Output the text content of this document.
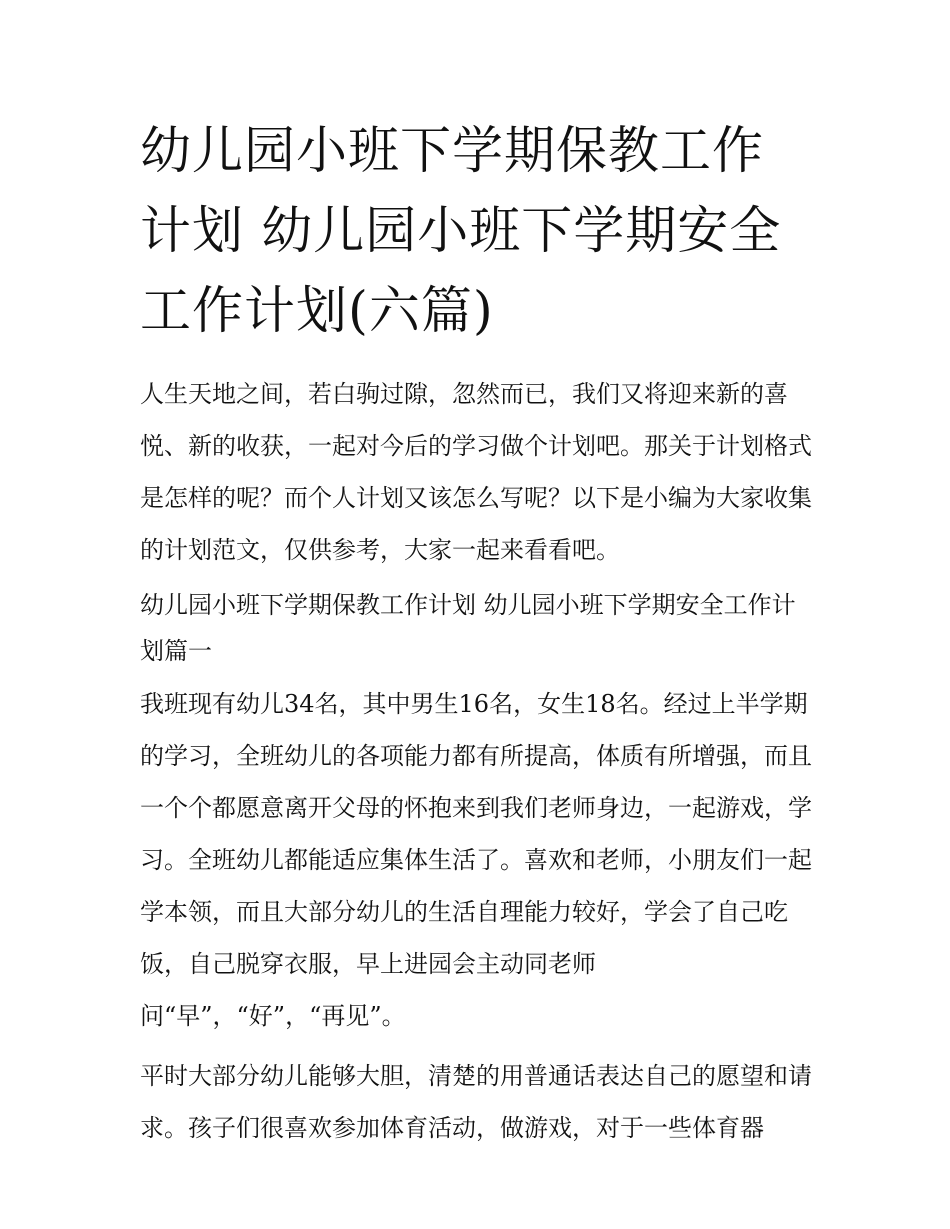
幼儿园小班下学期保教工作计划 幼儿园小班下学期安全工作计划(六篇)

人生天地之间，若白驹过隙，忽然而已，我们又将迎来新的喜悦、新的收获，一起对今后的学习做个计划吧。那关于计划格式是怎样的呢？而个人计划又该怎么写呢？以下是小编为大家收集的计划范文，仅供参考，大家一起来看看吧。

幼儿园小班下学期保教工作计划 幼儿园小班下学期安全工作计划篇一

我班现有幼儿34名，其中男生16名，女生18名。经过上半学期的学习，全班幼儿的各项能力都有所提高，体质有所增强，而且一个个都愿意离开父母的怀抱来到我们老师身边，一起游戏，学习。全班幼儿都能适应集体生活了。喜欢和老师，小朋友们一起学本领，而且大部分幼儿的生活自理能力较好，学会了自己吃饭，自己脱穿衣服，早上进园会主动同老师

问“早”，“好”，“再见”。

平时大部分幼儿能够大胆，清楚的用普通话表达自己的愿望和请求。孩子们很喜欢参加体育活动，做游戏，对于一些体育器
